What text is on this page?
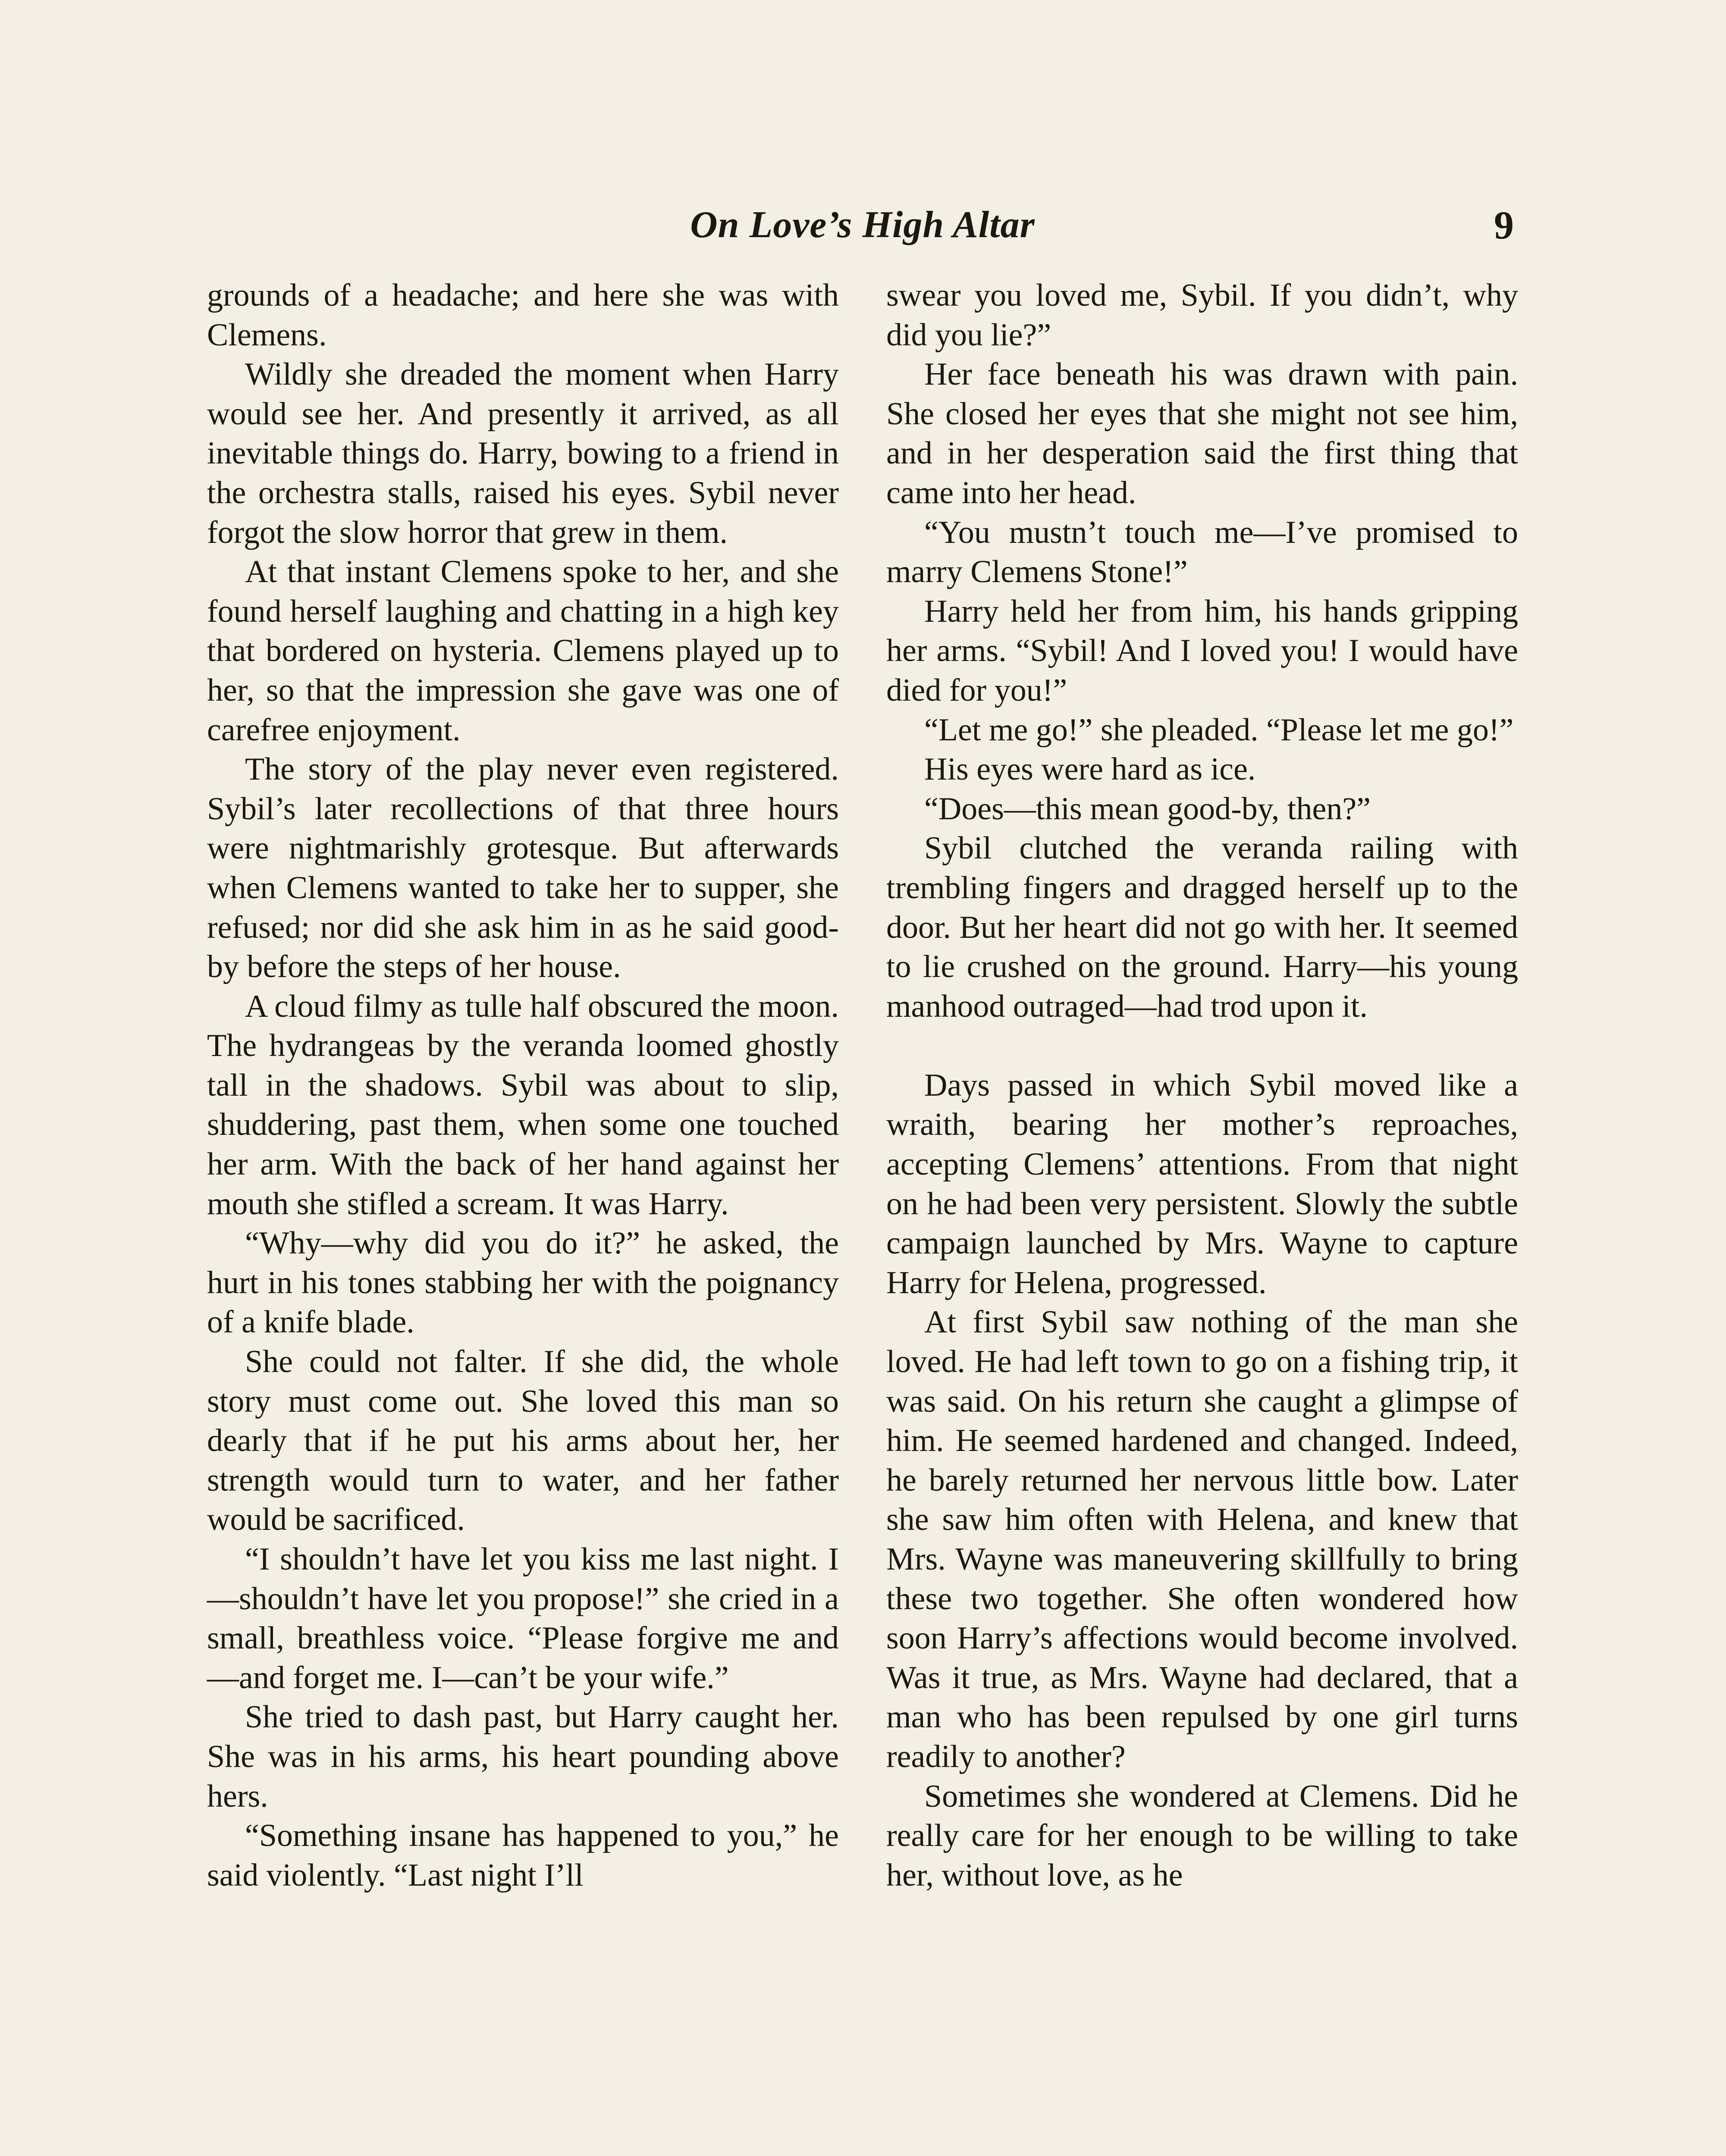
On Love’s High Altar	9

grounds of a headache; and here she was with Clemens.

Wildly she dreaded the moment when Harry would see her. And presently it arrived, as all inevitable things do. Harry, bowing to a friend in the orchestra stalls, raised his eyes. Sybil never forgot the slow horror that grew in them.

At that instant Clemens spoke to her, and she found herself laughing and chatting in a high key that bordered on hysteria. Clemens played up to her, so that the impression she gave was one of carefree enjoyment.

The story of the play never even registered. Sybil’s later recollections of that three hours were nightmarishly grotesque. But afterwards when Clemens wanted to take her to supper, she refused; nor did she ask him in as he said good-by before the steps of her house.

A cloud filmy as tulle half obscured the moon. The hydrangeas by the veranda loomed ghostly tall in the shadows. Sybil was about to slip, shuddering, past them, when some one touched her arm. With the back of her hand against her mouth she stifled a scream. It was Harry.

“Why—why did you do it?” he asked, the hurt in his tones stabbing her with the poignancy of a knife blade.

She could not falter. If she did, the whole story must come out. She loved this man so dearly that if he put his arms about her, her strength would turn to water, and her father would be sacrificed.

“I shouldn’t have let you kiss me last night. I—shouldn’t have let you propose!” she cried in a small, breathless voice. “Please forgive me and—and forget me. I—can’t be your wife.”

She tried to dash past, but Harry caught her. She was in his arms, his heart pounding above hers.

“Something insane has happened to you,” he said violently. “Last night I’ll

swear you loved me, Sybil. If you didn’t, why did you lie?”

Her face beneath his was drawn with pain. She closed her eyes that she might not see him, and in her desperation said the first thing that came into her head.

“You mustn’t touch me—I’ve promised to marry Clemens Stone!”

Harry held her from him, his hands gripping her arms. “Sybil! And I loved you! I would have died for you!”

“Let me go!” she pleaded. “Please let me go!”

His eyes were hard as ice.

“Does—this mean good-by, then?”

Sybil clutched the veranda railing with trembling fingers and dragged herself up to the door. But her heart did not go with her. It seemed to lie crushed on the ground. Harry—his young manhood outraged—had trod upon it.

Days passed in which Sybil moved like a wraith, bearing her mother’s reproaches, accepting Clemens’ attentions. From that night on he had been very persistent. Slowly the subtle campaign launched by Mrs. Wayne to capture Harry for Helena, progressed.

At first Sybil saw nothing of the man she loved. He had left town to go on a fishing trip, it was said. On his return she caught a glimpse of him. He seemed hardened and changed. Indeed, he barely returned her nervous little bow. Later she saw him often with Helena, and knew that Mrs. Wayne was maneuvering skillfully to bring these two together. She often wondered how soon Harry’s affections would become involved. Was it true, as Mrs. Wayne had declared, that a man who has been repulsed by one girl turns readily to another?

Sometimes she wondered at Clemens. Did he really care for her enough to be willing to take her, without love, as he
